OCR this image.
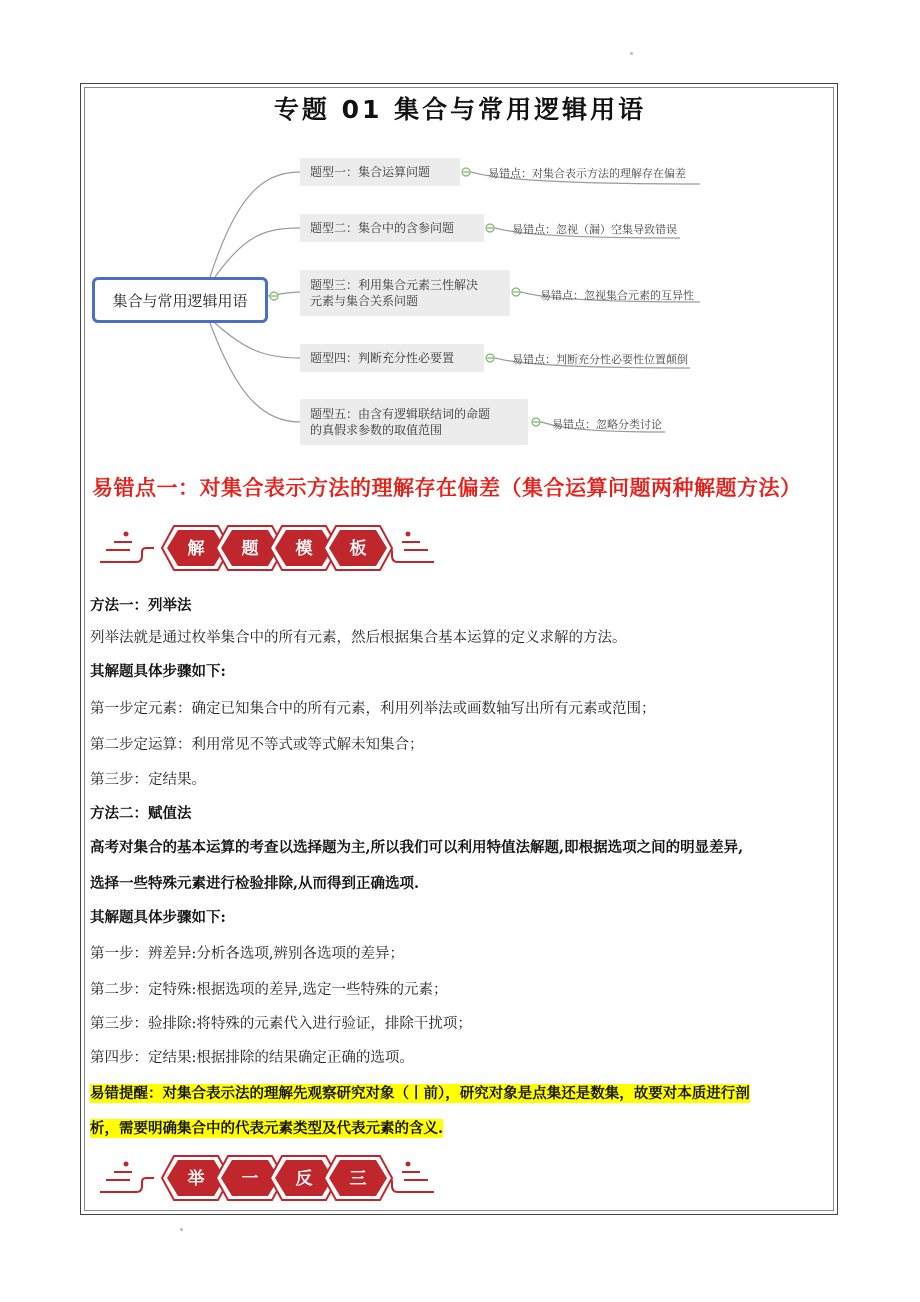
专题 01 集合与常用逻辑用语
集合与常用逻辑用语
题型一：集合运算问题
题型二：集合中的含参问题
题型三：利用集合元素三性解决
元素与集合关系问题
题型四：判断充分性必要置
题型五：由含有逻辑联结词的命题
的真假求参数的取值范围
易错点：对集合表示方法的理解存在偏差
易错点：忽视（漏）空集导致错误
易错点：忽视集合元素的互异性
易错点：判断充分性必要性位置颠倒
易错点：忽略分类讨论
易错点一：对集合表示方法的理解存在偏差（集合运算问题两种解题方法）
解 题 模 板
方法一：列举法
列举法就是通过枚举集合中的所有元素，然后根据集合基本运算的定义求解的方法。
其解题具体步骤如下:
第一步定元素：确定已知集合中的所有元素，利用列举法或画数轴写出所有元素或范围；
第二步定运算：利用常见不等式或等式解未知集合；
第三步：定结果。
方法二：赋值法
高考对集合的基本运算的考查以选择题为主,所以我们可以利用特值法解题,即根据选项之间的明显差异,
选择一些特殊元素进行检验排除,从而得到正确选项.
其解题具体步骤如下:
第一步：辨差异:分析各选项,辨别各选项的差异；
第二步：定特殊:根据选项的差异,选定一些特殊的元素；
第三步：验排除:将特殊的元素代入进行验证，排除干扰项；
第四步：定结果:根据排除的结果确定正确的选项。
易错提醒：对集合表示法的理解先观察研究对象（丨前），研究对象是点集还是数集，故要对本质进行剖
析，需要明确集合中的代表元素类型及代表元素的含义.
举 一 反 三
